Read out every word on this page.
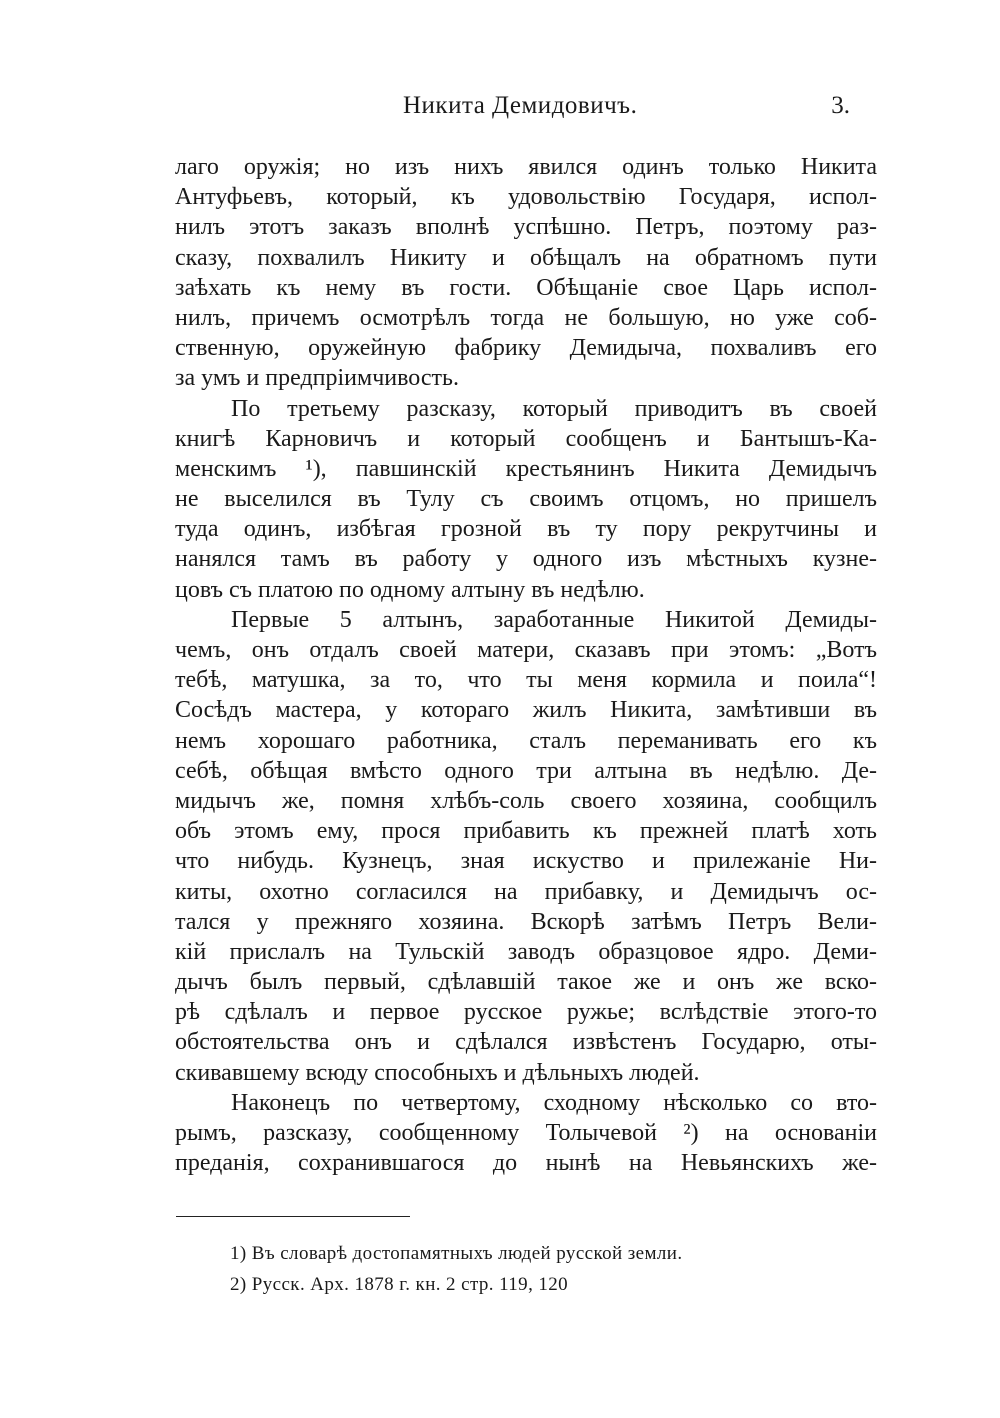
Никита Демидовичъ.	3.
лаго оружія; но изъ нихъ явился одинъ только Никита
Антуфьевъ, который, къ удовольствію Государя, испол-
нилъ этотъ заказъ вполнѣ успѣшно. Петръ, поэтому раз-
сказу, похвалилъ Никиту и обѣщалъ на обратномъ пути
заѣхать къ нему въ гости. Обѣщаніе свое Царь испол-
нилъ, причемъ осмотрѣлъ тогда не большую, но уже соб-
ственную, оружейную фабрику Демидыча, похваливъ его
за умъ и предпріимчивость.
По третьему разсказу, который приводитъ въ своей
книгѣ Карновичъ и который сообщенъ и Бантышъ-Ка-
менскимъ ¹), павшинскій крестьянинъ Никита Демидычъ
не выселился въ Тулу съ своимъ отцомъ, но пришелъ
туда одинъ, избѣгая грозной въ ту пору рекрутчины и
нанялся тамъ въ работу у одного изъ мѣстныхъ кузне-
цовъ съ платою по одному алтыну въ недѣлю.
Первые 5 алтынъ, заработанные Никитой Демиды-
чемъ, онъ отдалъ своей матери, сказавъ при этомъ: „Вотъ
тебѣ, матушка, за то, что ты меня кормила и поила“!
Сосѣдъ мастера, у котораго жилъ Никита, замѣтивши въ
немъ хорошаго работника, сталъ переманивать его къ
себѣ, обѣщая вмѣсто одного три алтына въ недѣлю. Де-
мидычъ же, помня хлѣбъ-соль своего хозяина, сообщилъ
объ этомъ ему, прося прибавить къ прежней платѣ хоть
что нибудь. Кузнецъ, зная искуство и прилежаніе Ни-
киты, охотно согласился на прибавку, и Демидычъ ос-
тался у прежняго хозяина. Вскорѣ затѣмъ Петръ Вели-
кій прислалъ на Тульскій заводъ образцовое ядро. Деми-
дычъ былъ первый, сдѣлавшій такое же и онъ же вско-
рѣ сдѣлалъ и первое русское ружье; вслѣдствіе этого-то
обстоятельства онъ и сдѣлался извѣстенъ Государю, оты-
скивавшему всюду способныхъ и дѣльныхъ людей.
Наконецъ по четвертому, сходному нѣсколько со вто-
рымъ, разсказу, сообщенному Толычевой ²) на основаніи
преданія, сохранившагося до нынѣ на Невьянскихъ же-
1) Въ словарѣ достопамятныхъ людей русской земли.
2) Русск. Арх. 1878 г. кн. 2 стр. 119, 120
